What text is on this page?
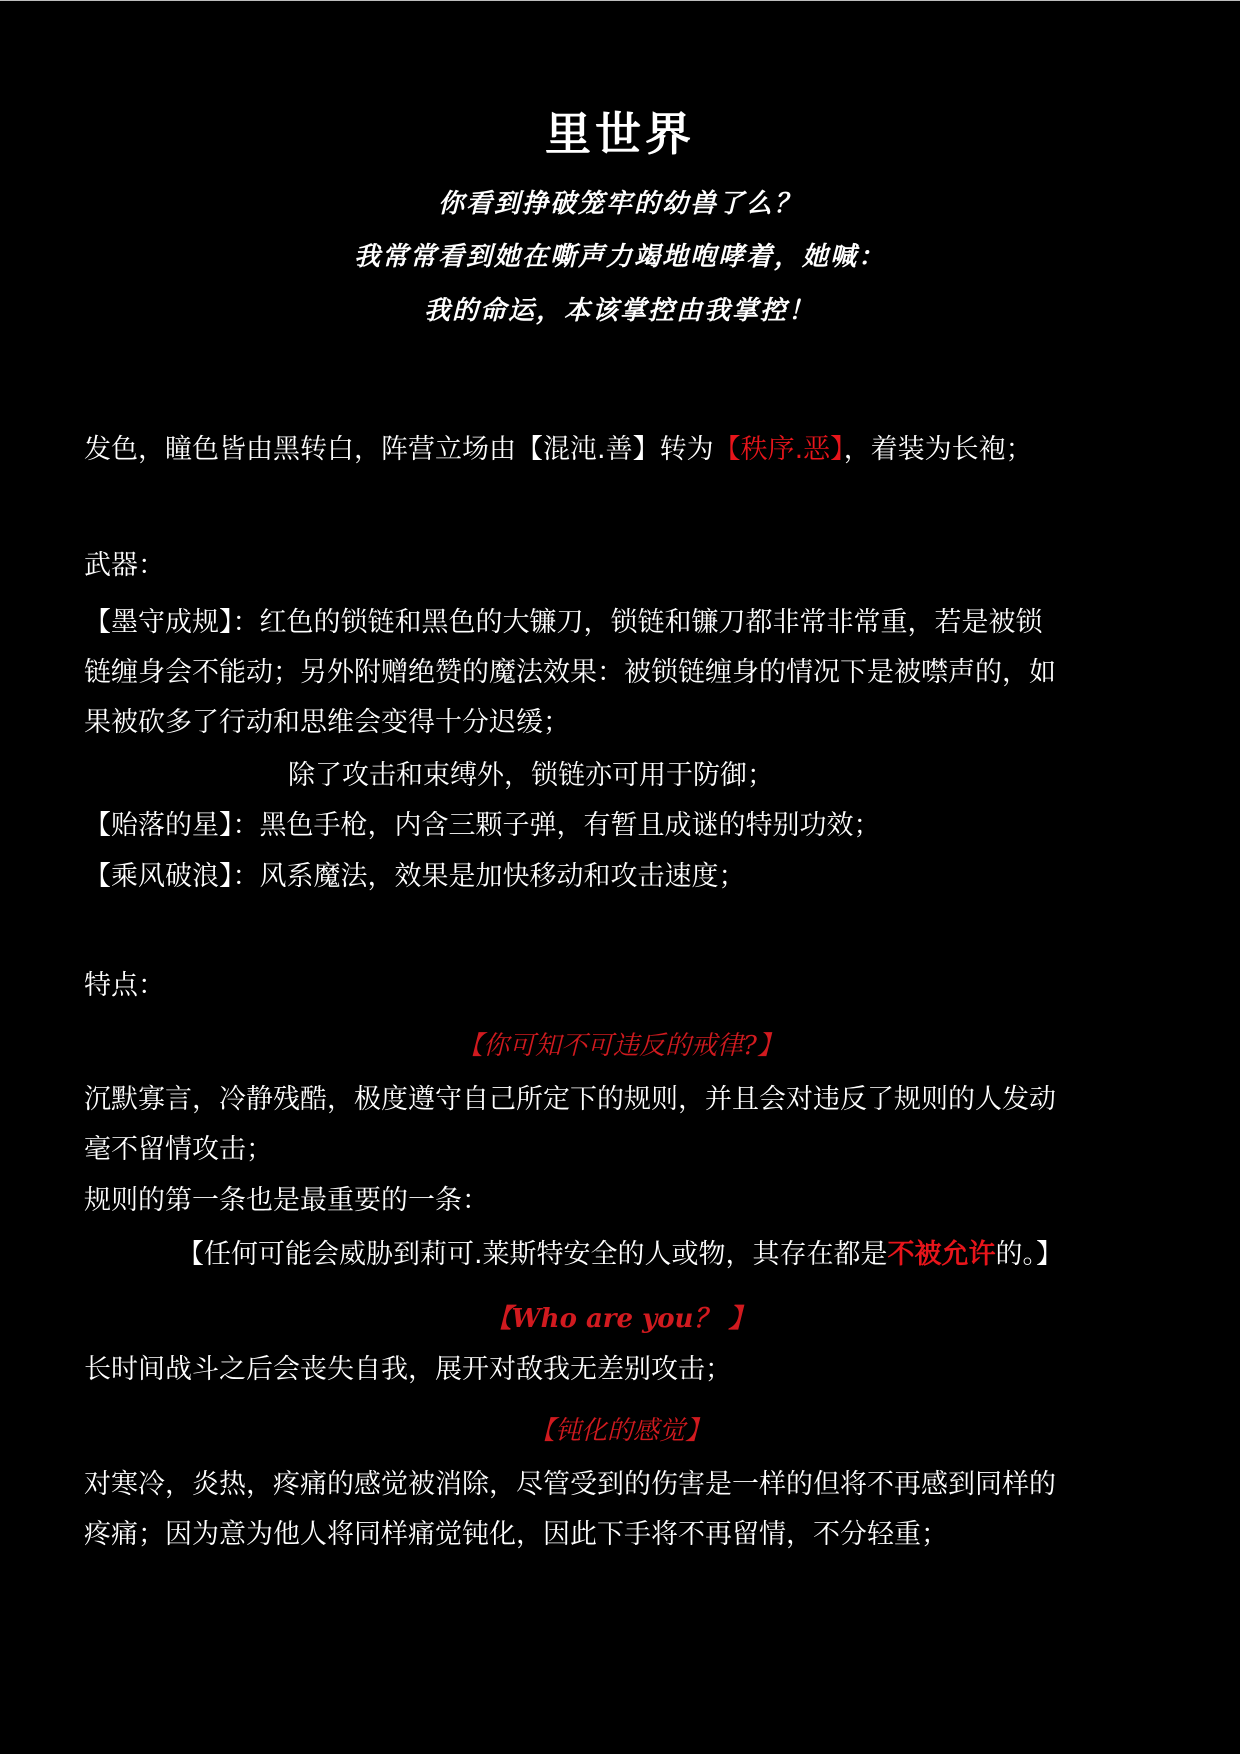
里世界
你看到挣破笼牢的幼兽了么？
我常常看到她在嘶声力竭地咆哮着，她喊：
我的命运，本该掌控由我掌控！
发色，瞳色皆由黑转白，阵营立场由【混沌.善】转为【秩序.恶】，着装为长袍；
武器：
【墨守成规】：红色的锁链和黑色的大镰刀，锁链和镰刀都非常非常重，若是被锁
链缠身会不能动；另外附赠绝赞的魔法效果：被锁链缠身的情况下是被噤声的，如
果被砍多了行动和思维会变得十分迟缓；
除了攻击和束缚外，锁链亦可用于防御；
【贻落的星】：黑色手枪，内含三颗子弹，有暂且成谜的特别功效；
【乘风破浪】：风系魔法，效果是加快移动和攻击速度；
特点：
【你可知不可违反的戒律?】
沉默寡言，冷静残酷，极度遵守自己所定下的规则，并且会对违反了规则的人发动
毫不留情攻击；
规则的第一条也是最重要的一条：
【任何可能会威胁到莉可.莱斯特安全的人或物，其存在都是不被允许的。】
【Who are you？ 】
长时间战斗之后会丧失自我，展开对敌我无差别攻击；
【钝化的感觉】
对寒冷，炎热，疼痛的感觉被消除，尽管受到的伤害是一样的但将不再感到同样的
疼痛；因为意为他人将同样痛觉钝化，因此下手将不再留情，不分轻重；
